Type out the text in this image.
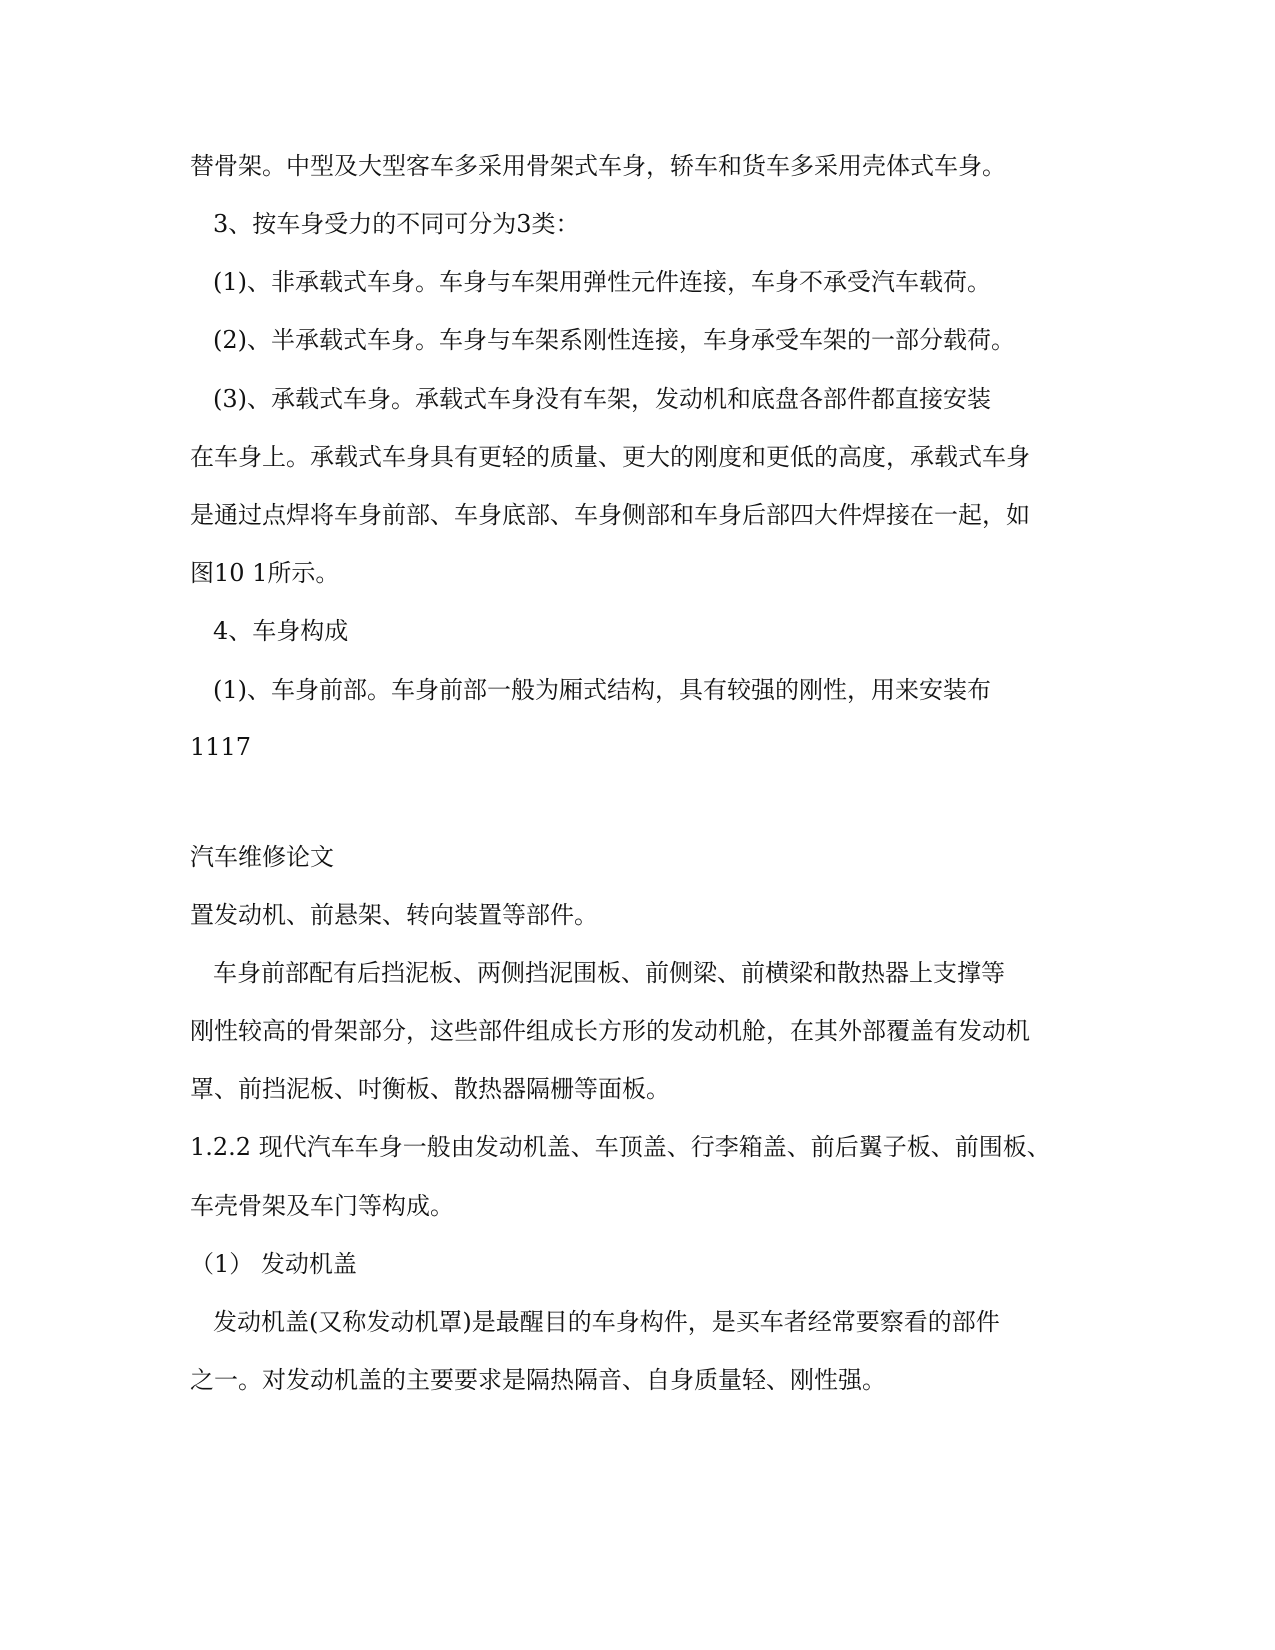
替骨架。中型及大型客车多采用骨架式车身，轿车和货车多采用壳体式车身。

3、按车身受力的不同可分为3类：

(1)、非承载式车身。车身与车架用弹性元件连接，车身不承受汽车载荷。

(2)、半承载式车身。车身与车架系刚性连接，车身承受车架的一部分载荷。

(3)、承载式车身。承载式车身没有车架，发动机和底盘各部件都直接安装

在车身上。承载式车身具有更轻的质量、更大的刚度和更低的高度，承载式车身

是通过点焊将车身前部、车身底部、车身侧部和车身后部四大件焊接在一起，如

图10 1所示。

4、车身构成

(1)、车身前部。车身前部一般为厢式结构，具有较强的刚性，用来安装布

1117

汽车维修论文

置发动机、前悬架、转向装置等部件。

车身前部配有后挡泥板、两侧挡泥围板、前侧梁、前横梁和散热器上支撑等

刚性较高的骨架部分，这些部件组成长方形的发动机舱，在其外部覆盖有发动机

罩、前挡泥板、吋衡板、散热器隔栅等面板。

1.2.2 现代汽车车身一般由发动机盖、车顶盖、行李箱盖、前后翼子板、前围板、

车壳骨架及车门等构成。

（1） 发动机盖

发动机盖(又称发动机罩)是最醒目的车身构件，是买车者经常要察看的部件

之一。对发动机盖的主要要求是隔热隔音、自身质量轻、刚性强。
